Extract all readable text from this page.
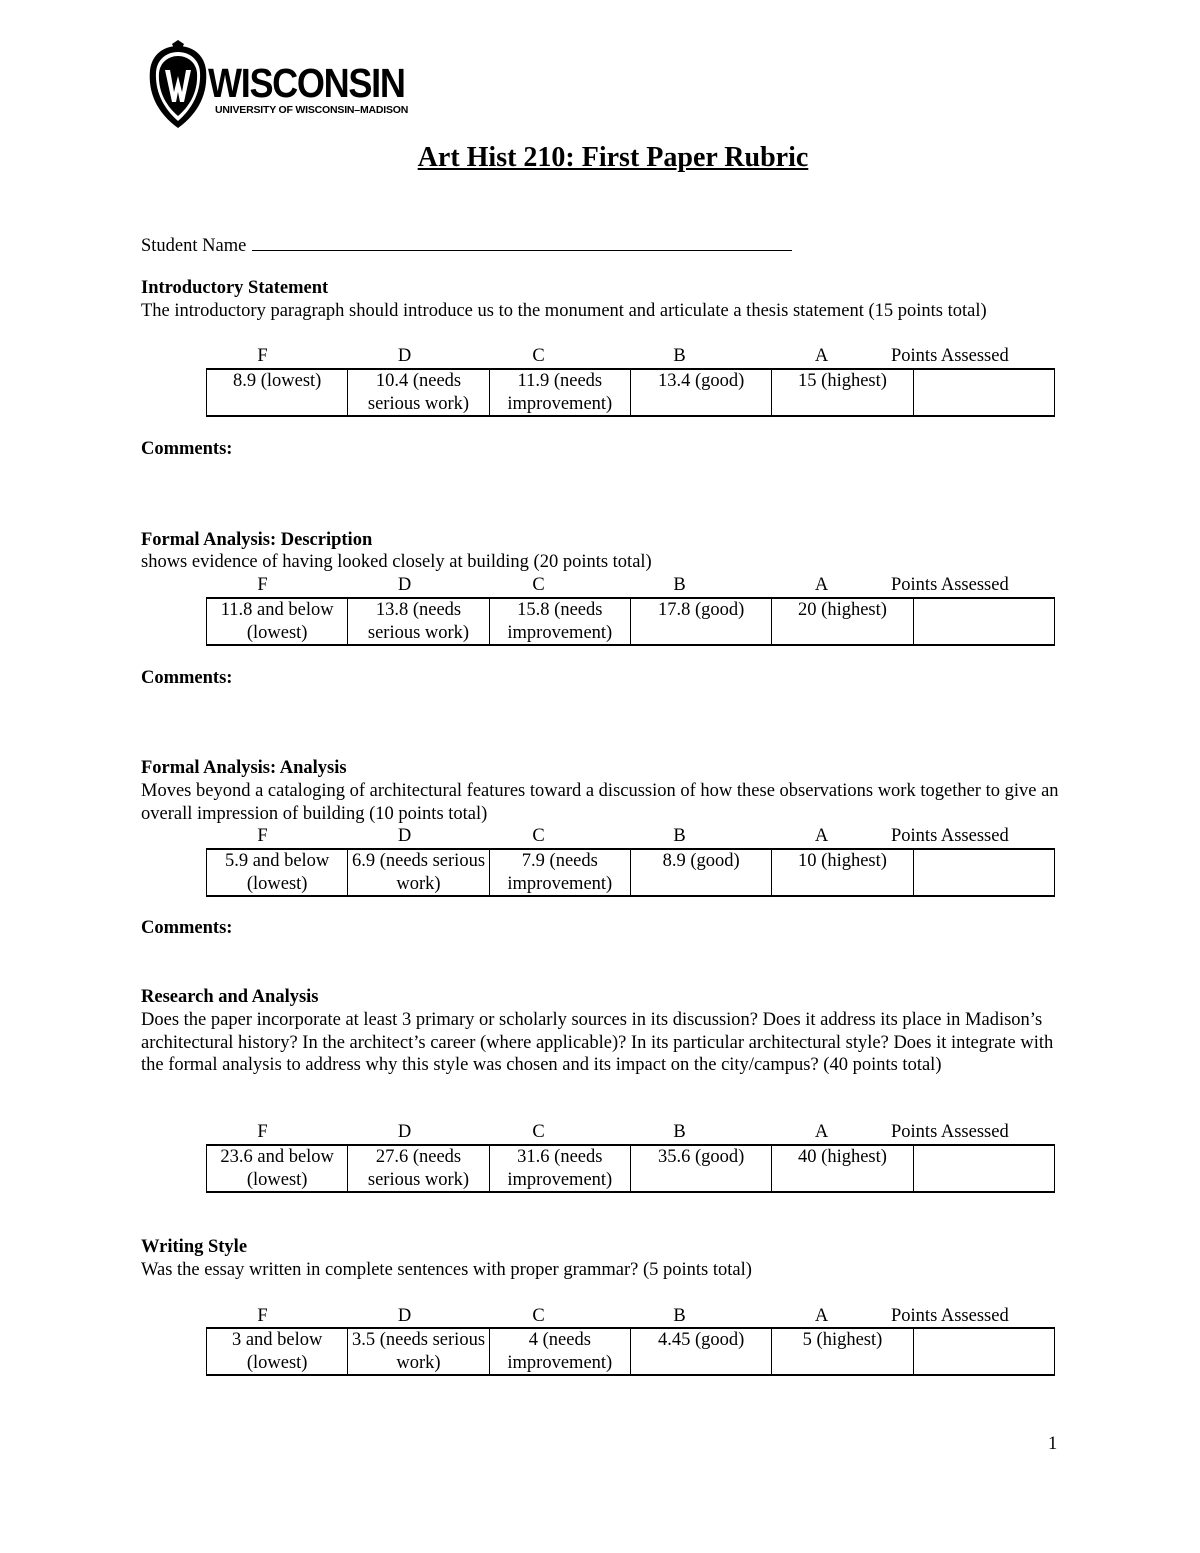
WISCONSIN
UNIVERSITY OF WISCONSIN–MADISON
Art Hist 210: First Paper Rubric
Student Name
Introductory Statement
The introductory paragraph should introduce us to the monument and articulate a thesis statement (15 points total)
F	D	C	B	A	Points Assessed
8.9 (lowest)	10.4 (needs serious work)	11.9 (needs improvement)	13.4 (good)	15 (highest)	
Comments:
Formal Analysis: Description
shows evidence of having looked closely at building (20 points total)
F	D	C	B	A	Points Assessed
11.8 and below (lowest)	13.8 (needs serious work)	15.8 (needs improvement)	17.8 (good)	20 (highest)	
Comments:
Formal Analysis: Analysis
Moves beyond a cataloging of architectural features toward a discussion of how these observations work together to give an overall impression of building (10 points total)
F	D	C	B	A	Points Assessed
5.9 and below (lowest)	6.9 (needs serious work)	7.9 (needs improvement)	8.9 (good)	10 (highest)	
Comments:
Research and Analysis
Does the paper incorporate at least 3 primary or scholarly sources in its discussion? Does it address its place in Madison’s architectural history? In the architect’s career (where applicable)? In its particular architectural style? Does it integrate with the formal analysis to address why this style was chosen and its impact on the city/campus? (40 points total)
F	D	C	B	A	Points Assessed
23.6 and below (lowest)	27.6 (needs serious work)	31.6 (needs improvement)	35.6 (good)	40 (highest)	
Writing Style
Was the essay written in complete sentences with proper grammar? (5 points total)
F	D	C	B	A	Points Assessed
3 and below (lowest)	3.5 (needs serious work)	4 (needs improvement)	4.45 (good)	5 (highest)	
1
